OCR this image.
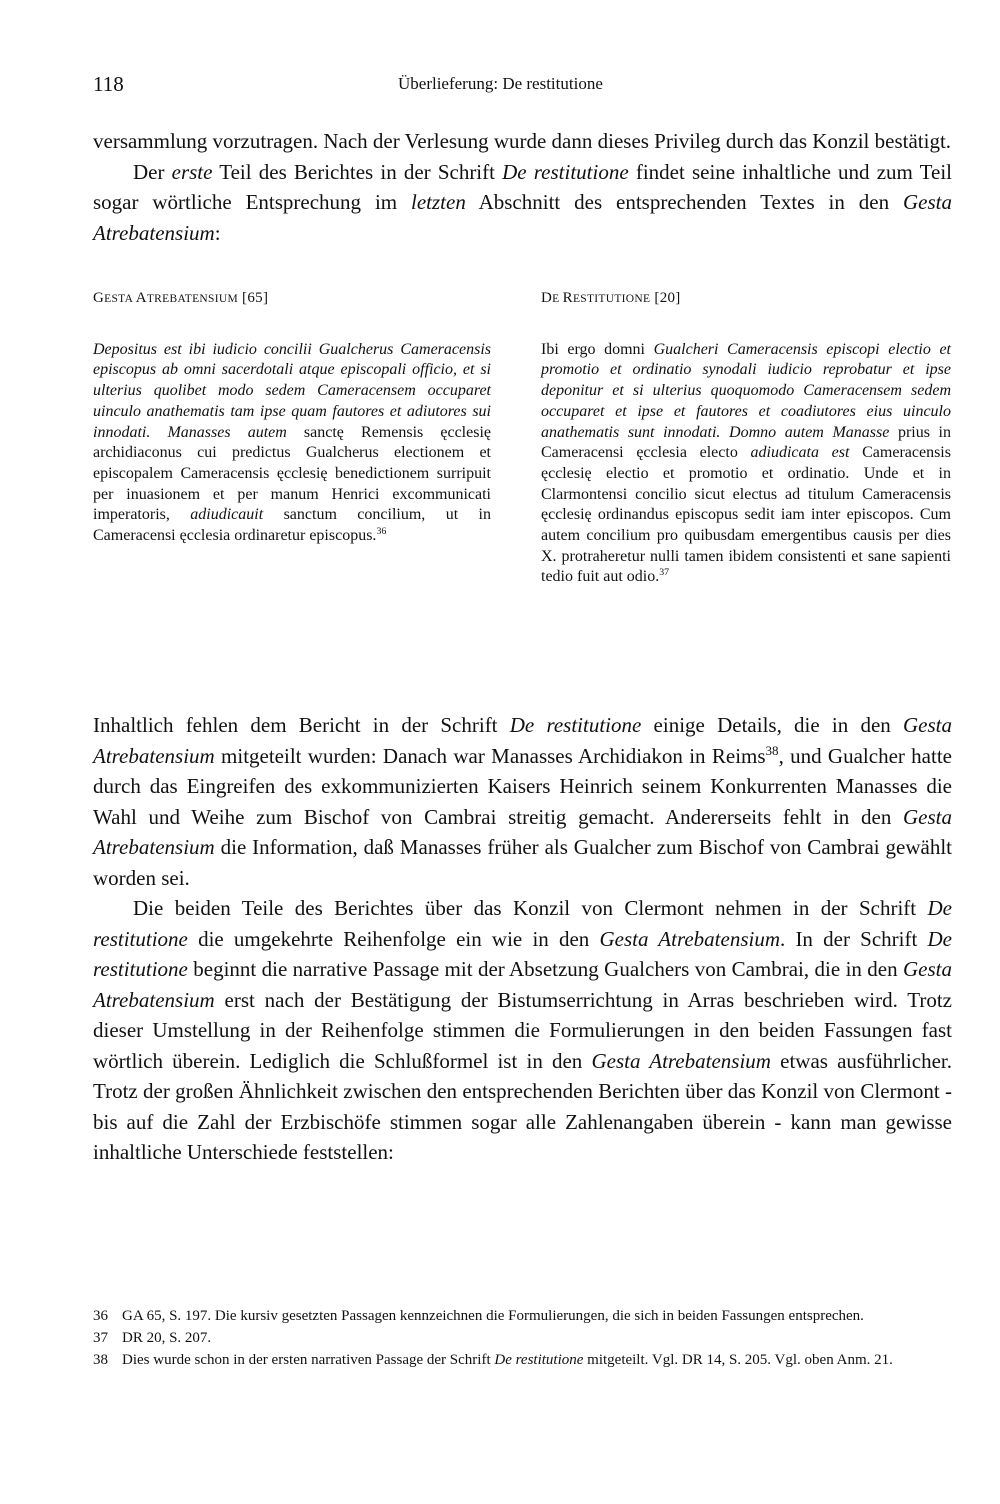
118	Überlieferung: De restitutione

versammlung vorzutragen. Nach der Verlesung wurde dann dieses Privileg durch das Konzil bestätigt.

Der erste Teil des Berichtes in der Schrift De restitutione findet seine inhaltliche und zum Teil sogar wörtliche Entsprechung im letzten Abschnitt des entsprechenden Textes in den Gesta Atrebatensium:

GESTA ATREBATENSIUM [65]

Depositus est ibi iudicio concilii Gualcherus Cameracensis episcopus ab omni sacerdotali atque episcopali officio, et si ulterius quolibet modo sedem Cameracensem occuparet uinculo anathematis tam ipse quam fautores et adiutores sui innodati. Manasses autem sanctę Remensis ęcclesię archidiaconus cui predictus Gualcherus electionem et episcopalem Cameracensis ęcclesię benedictionem surripuit per inuasionem et per manum Henrici excommunicati imperatoris, adiudicauit sanctum concilium, ut in Cameracensi ęcclesia ordinaretur episcopus.$^{36}$

DE RESTITUTIONE [20]

Ibi ergo domni Gualcheri Cameracensis episcopi electio et promotio et ordinatio synodali iudicio reprobatur et ipse deponitur et si ulterius quoquomodo Cameracensem sedem occuparet et ipse et fautores et coadiutores eius uinculo anathematis sunt innodati. Domno autem Manasse prius in Cameracensi ęcclesia electo adiudicata est Cameracensis ęcclesię electio et promotio et ordinatio. Unde et in Clarmontensi concilio sicut electus ad titulum Cameracensis ęcclesię ordinandus episcopus sedit iam inter episcopos. Cum autem concilium pro quibusdam emergentibus causis per dies X. protraheretur nulli tamen ibidem consistenti et sane sapienti tedio fuit aut odio.$^{37}$

Inhaltlich fehlen dem Bericht in der Schrift De restitutione einige Details, die in den Gesta Atrebatensium mitgeteilt wurden: Danach war Manasses Archidiakon in Reims$^{38}$, und Gualcher hatte durch das Eingreifen des exkommunizierten Kaisers Heinrich seinem Konkurrenten Manasses die Wahl und Weihe zum Bischof von Cambrai streitig gemacht. Andererseits fehlt in den Gesta Atrebatensium die Information, daß Manasses früher als Gualcher zum Bischof von Cambrai gewählt worden sei.

Die beiden Teile des Berichtes über das Konzil von Clermont nehmen in der Schrift De restitutione die umgekehrte Reihenfolge ein wie in den Gesta Atrebatensium. In der Schrift De restitutione beginnt die narrative Passage mit der Absetzung Gualchers von Cambrai, die in den Gesta Atrebatensium erst nach der Bestätigung der Bistumserrichtung in Arras beschrieben wird. Trotz dieser Umstellung in der Reihenfolge stimmen die Formulierungen in den beiden Fassungen fast wörtlich überein. Lediglich die Schlußformel ist in den Gesta Atrebatensium etwas ausführlicher. Trotz der großen Ähnlichkeit zwischen den entsprechenden Berichten über das Konzil von Clermont - bis auf die Zahl der Erzbischöfe stimmen sogar alle Zahlenangaben überein - kann man gewisse inhaltliche Unterschiede feststellen:

36 GA 65, S. 197. Die kursiv gesetzten Passagen kennzeichnen die Formulierungen, die sich in beiden Fassungen entsprechen.
37 DR 20, S. 207.
38 Dies wurde schon in der ersten narrativen Passage der Schrift De restitutione mitgeteilt. Vgl. DR 14, S. 205. Vgl. oben Anm. 21.
